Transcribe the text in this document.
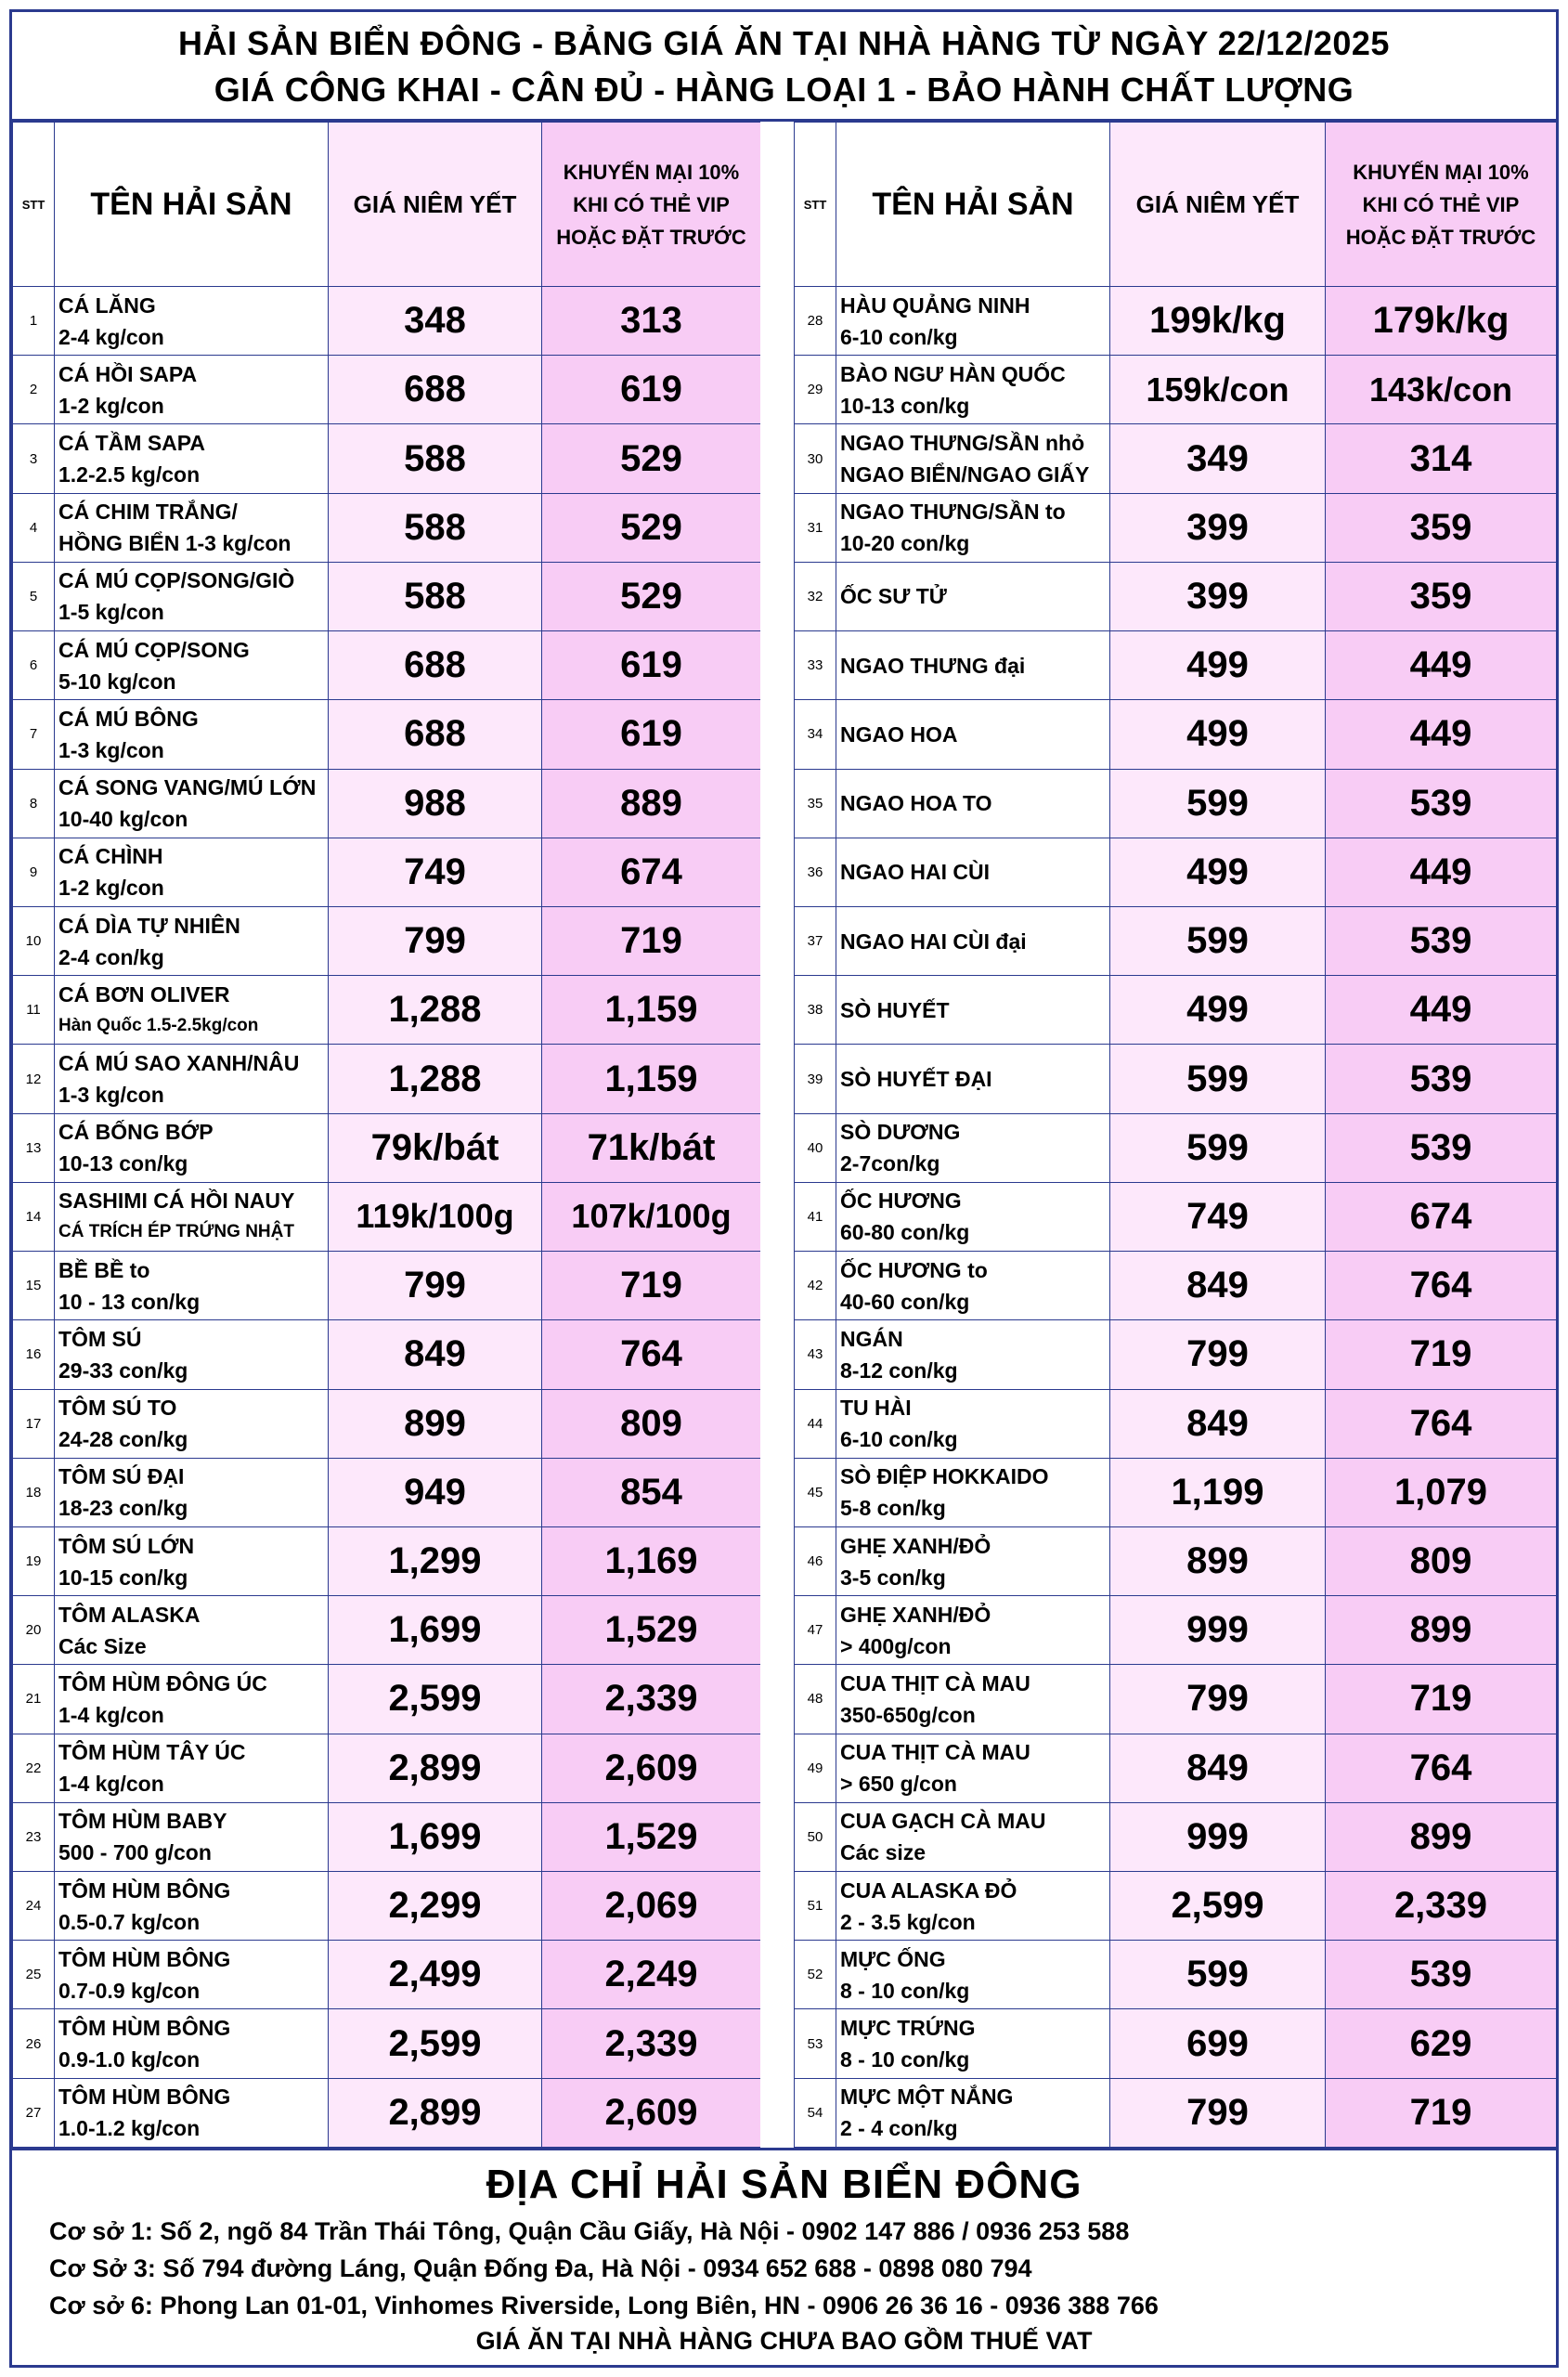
HẢI SẢN BIỂN ĐÔNG - BẢNG GIÁ ĂN TẠI NHÀ HÀNG TỪ NGÀY 22/12/2025
GIÁ CÔNG KHAI - CÂN ĐỦ - HÀNG LOẠI 1 - BẢO HÀNH CHẤT LƯỢNG
STT	TÊN HẢI SẢN	GIÁ NIÊM YẾT	KHUYẾN MẠI 10%
KHI CÓ THẺ VIP
HOẶC ĐẶT TRƯỚC

1	CÁ LĂNG
2-4 kg/con	348	313
2	CÁ HỒI SAPA
1-2 kg/con	688	619
3	CÁ TẦM SAPA
1.2-2.5 kg/con	588	529
4	CÁ CHIM TRẮNG/
HỒNG BIỂN 1-3 kg/con	588	529
5	CÁ MÚ CỌP/SONG/GIÒ
1-5 kg/con	588	529
6	CÁ MÚ CỌP/SONG
5-10 kg/con	688	619
7	CÁ MÚ BÔNG
1-3 kg/con	688	619
8	CÁ SONG VANG/MÚ LỚN
10-40 kg/con	988	889
9	CÁ CHÌNH
1-2 kg/con	749	674
10	CÁ DÌA TỰ NHIÊN
2-4 con/kg	799	719
11	CÁ BƠN OLIVER
Hàn Quốc 1.5-2.5kg/con	1,288	1,159
12	CÁ MÚ SAO XANH/NÂU
1-3 kg/con	1,288	1,159
13	CÁ BỐNG BỚP
10-13 con/kg	79k/bát	71k/bát
14	SASHIMI CÁ HỒI NAUY
CÁ TRÍCH ÉP TRỨNG NHẬT	119k/100g	107k/100g
15	BỀ BỀ to
10 - 13 con/kg	799	719
16	TÔM SÚ
29-33 con/kg	849	764
17	TÔM SÚ TO
24-28 con/kg	899	809
18	TÔM SÚ ĐẠI
18-23 con/kg	949	854
19	TÔM SÚ LỚN
10-15 con/kg	1,299	1,169
20	TÔM ALASKA
Các Size	1,699	1,529
21	TÔM HÙM ĐÔNG ÚC
1-4 kg/con	2,599	2,339
22	TÔM HÙM TÂY ÚC
1-4 kg/con	2,899	2,609
23	TÔM HÙM BABY
500 - 700 g/con	1,699	1,529
24	TÔM HÙM BÔNG
0.5-0.7 kg/con	2,299	2,069
25	TÔM HÙM BÔNG
0.7-0.9 kg/con	2,499	2,249
26	TÔM HÙM BÔNG
0.9-1.0 kg/con	2,599	2,339
27	TÔM HÙM BÔNG
1.0-1.2 kg/con	2,899	2,609
STT	TÊN HẢI SẢN	GIÁ NIÊM YẾT	KHUYẾN MẠI 10%
KHI CÓ THẺ VIP
HOẶC ĐẶT TRƯỚC

28	HÀU QUẢNG NINH
6-10 con/kg	199k/kg	179k/kg
29	BÀO NGƯ HÀN QUỐC
10-13 con/kg	159k/con	143k/con
30	NGAO THƯNG/SẦN nhỏ
NGAO BIỂN/NGAO GIẤY	349	314
31	NGAO THƯNG/SẦN to
10-20 con/kg	399	359
32	ỐC SƯ TỬ	399	359
33	NGAO THƯNG đại	499	449
34	NGAO HOA	499	449
35	NGAO HOA TO	599	539
36	NGAO HAI CÙI	499	449
37	NGAO HAI CÙI đại	599	539
38	SÒ HUYẾT	499	449
39	SÒ HUYẾT ĐẠI	599	539
40	SÒ DƯƠNG
2-7con/kg	599	539
41	ỐC HƯƠNG
60-80 con/kg	749	674
42	ỐC HƯƠNG to
40-60 con/kg	849	764
43	NGÁN
8-12 con/kg	799	719
44	TU HÀI
6-10 con/kg	849	764
45	SÒ ĐIỆP HOKKAIDO
5-8 con/kg	1,199	1,079
46	GHẸ XANH/ĐỎ
3-5 con/kg	899	809
47	GHẸ XANH/ĐỎ
> 400g/con	999	899
48	CUA THỊT CÀ MAU
350-650g/con	799	719
49	CUA THỊT CÀ MAU
> 650 g/con	849	764
50	CUA GẠCH CÀ MAU
Các size	999	899
51	CUA ALASKA ĐỎ
2 - 3.5 kg/con	2,599	2,339
52	MỰC ỐNG
8 - 10 con/kg	599	539
53	MỰC TRỨNG
8 - 10 con/kg	699	629
54	MỰC MỘT NẮNG
2 - 4 con/kg	799	719
ĐỊA CHỈ HẢI SẢN BIỂN ĐÔNG
Cơ sở 1: Số 2, ngõ 84 Trần Thái Tông, Quận Cầu Giấy, Hà Nội - 0902 147 886 / 0936 253 588
Cơ Sở 3: Số 794 đường Láng, Quận Đống Đa, Hà Nội - 0934 652 688 - 0898 080 794
Cơ sở 6: Phong Lan 01-01, Vinhomes Riverside, Long Biên, HN - 0906 26 36 16 - 0936 388 766
GIÁ ĂN TẠI NHÀ HÀNG CHƯA BAO GỒM THUẾ VAT
